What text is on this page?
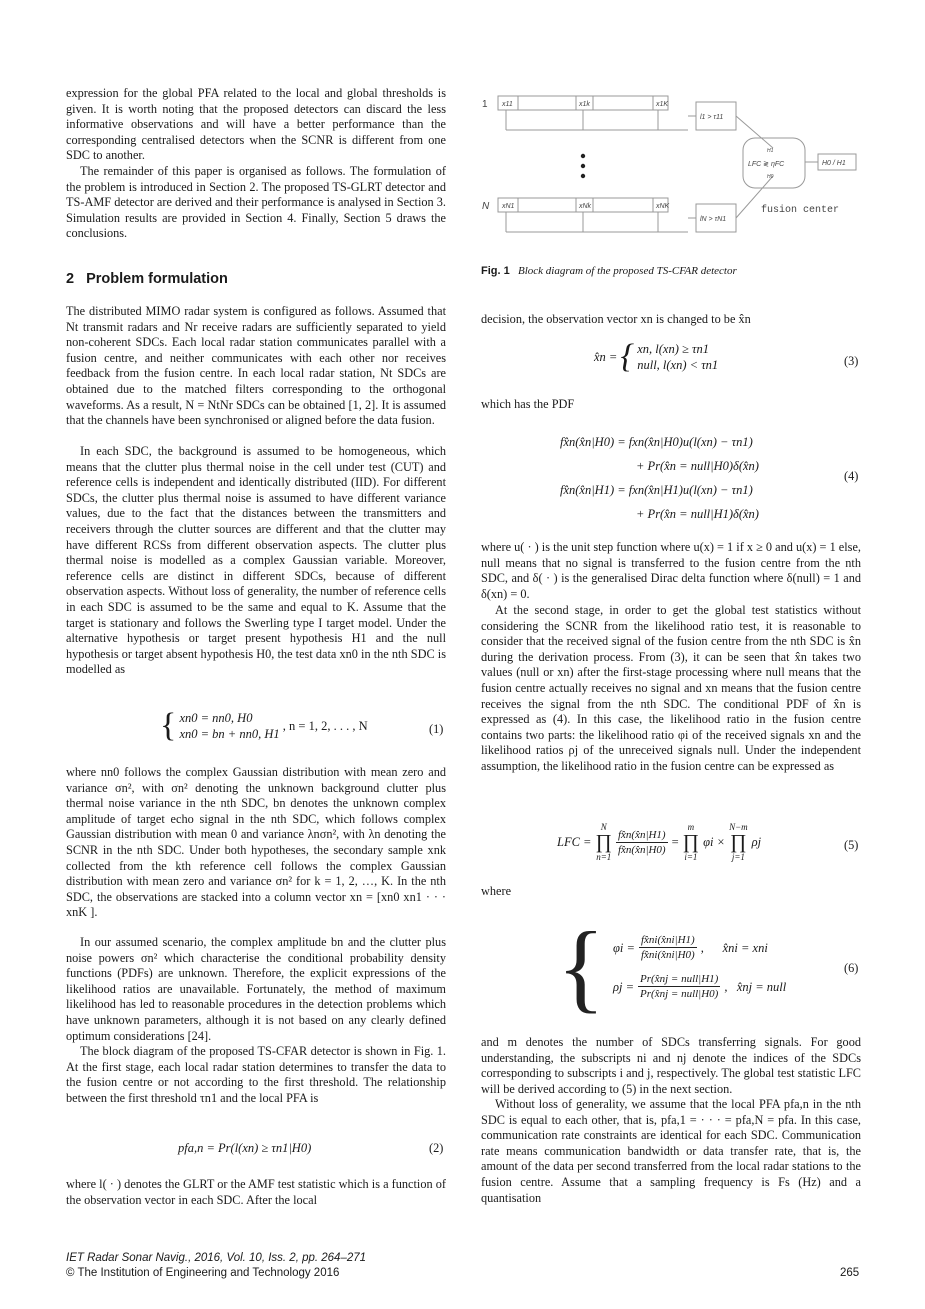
expression for the global PFA related to the local and global thresholds is given. It is worth noting that the proposed detectors can discard the less informative observations and will have a better performance than the corresponding centralised detectors when the SCNR is different from one SDC to another.

The remainder of this paper is organised as follows. The formulation of the problem is introduced in Section 2. The proposed TS-GLRT detector and TS-AMF detector are derived and their performance is analysed in Section 3. Simulation results are provided in Section 4. Finally, Section 5 draws the conclusions.

2 Problem formulation

The distributed MIMO radar system is configured as follows. Assumed that Nt transmit radars and Nr receive radars are sufficiently separated to yield non-coherent SDCs. Each local radar station communicates parallel with a fusion centre, and neither communicates with each other nor receives feedback from the fusion centre. In each local radar station, Nt SDCs are obtained due to the matched filters corresponding to the orthogonal waveforms. As a result, N = NtNr SDCs can be obtained [1, 2]. It is assumed that the channels have been synchronised or aligned before the data fusion.

In each SDC, the background is assumed to be homogeneous, which means that the clutter plus thermal noise in the cell under test (CUT) and reference cells is independent and identically distributed (IID). For different SDCs, the clutter plus thermal noise is assumed to have different variance values, due to the fact that the distances between the transmitters and receivers through the clutter sources are different and that the clutter may have different RCSs from different observation aspects. The clutter plus thermal noise is modelled as a complex Gaussian variable. Moreover, reference cells are distinct in different SDCs, because of different observation aspects. Without loss of generality, the number of reference cells in each SDC is assumed to be the same and equal to K. Assume that the target is stationary and follows the Swerling type I target model. Under the alternative hypothesis or target present hypothesis H1 and the null hypothesis or target absent hypothesis H0, the test data xn0 in the nth SDC is modelled as

{ xn0 = nn0, H0
xn0 = bn + nn0, H1
, n = 1, 2, . . . , N	(1)

where nn0 follows the complex Gaussian distribution with mean zero and variance σn², with σn² denoting the unknown background clutter plus thermal noise variance in the nth SDC, bn denotes the unknown complex amplitude of target echo signal in the nth SDC, which follows complex Gaussian distribution with mean 0 and variance λnσn², with λn denoting the SCNR in the nth SDC. Under both hypotheses, the secondary sample xnk collected from the kth reference cell follows the complex Gaussian distribution with mean zero and variance σn² for k = 1, 2, …, K. In the nth SDC, the observations are stacked into a column vector xn = [xn0 xn1 · · · xnK ].

In our assumed scenario, the complex amplitude bn and the clutter plus noise powers σn² which characterise the conditional probability density functions (PDFs) are unknown. Therefore, the explicit expressions of the likelihood ratios are unavailable. Fortunately, the method of maximum likelihood has led to reasonable procedures in the detection problems which have unknown parameters, although it is not based on any clearly defined optimum considerations [24].

The block diagram of the proposed TS-CFAR detector is shown in Fig. 1. At the first stage, each local radar station determines to transfer the data to the fusion centre or not according to the first threshold. The relationship between the first threshold τn1 and the local PFA is

pfa,n = Pr(l(xn) ≥ τn1|H0)	(2)

where l( · ) denotes the GLRT or the AMF test statistic which is a function of the observation vector in each SDC. After the local

1
N
x11	x1k	x1K
xN1	xNk	xNK
l1 > τ11
lN > τN1
H1
LFC ≷ ηFC
H0
H0 / H1
fusion center
Fig. 1 Block diagram of the proposed TS-CFAR detector

decision, the observation vector xn is changed to be x̂n

which has the PDF

x̂n = { xn, l(xn) ≥ τn1
null, l(xn) < τn1	(3)
fx̂n(x̂n|H0) = fxn(x̂n|H0)u(l(xn) − τn1)
+ Pr(x̂n = null|H0)δ(x̂n)
fx̂n(x̂n|H1) = fxn(x̂n|H1)u(l(xn) − τn1)
+ Pr(x̂n = null|H1)δ(x̂n)
(4)

where u( · ) is the unit step function where u(x) = 1 if x ≥ 0 and u(x) = 1 else, null means that no signal is transferred to the fusion centre from the nth SDC, and δ( · ) is the generalised Dirac delta function where δ(null) = 1 and δ(xn) = 0.

At the second stage, in order to get the global test statistics without considering the SCNR from the likelihood ratio test, it is reasonable to consider that the received signal of the fusion centre from the nth SDC is x̂n during the derivation process. From (3), it can be seen that x̂n takes two values (null or xn) after the first-stage processing where null means that the fusion centre actually receives no signal and xn means that the fusion centre receives the signal from the nth SDC. The conditional PDF of x̂n is expressed as (4). In this case, the likelihood ratio in the fusion centre contains two parts: the likelihood ratio φi of the received signals xn and the likelihood ratios ρj of the unreceived signals null. Under the independent assumption, the likelihood ratio in the fusion centre can be expressed as

LFC =
N
∏
n=1
$\frac{fx̂n(x̂n|H1)}{fx̂n(x̂n|H0)}$ =
m
∏
i=1
φi ×
N−m
∏
j=1
ρj	(5)

where

{ $\varphi i = \frac{fx̂ni(x̂ni|H1)}{fx̂ni(x̂ni|H0)}$ ,      x̂ni = xni
ρj =
Pr(x̂nj = null|H1)
Pr(x̂nj = null|H0)
,   x̂nj = null
(6)

and m denotes the number of SDCs transferring signals. For good understanding, the subscripts ni and nj denote the indices of the SDCs corresponding to subscripts i and j, respectively. The global test statistic LFC will be derived according to (5) in the next section.

Without loss of generality, we assume that the local PFA pfa,n in the nth SDC is equal to each other, that is, pfa,1 = · · · = pfa,N = pfa. In this case, communication rate constraints are identical for each SDC. Communication rate means communication bandwidth or data transfer rate, that is, the amount of the data per second transferred from the local radar stations to the fusion centre. Assume that a sampling frequency is Fs (Hz) and a quantisation

IET Radar Sonar Navig., 2016, Vol. 10, Iss. 2, pp. 264–271
© The Institution of Engineering and Technology 2016	265
